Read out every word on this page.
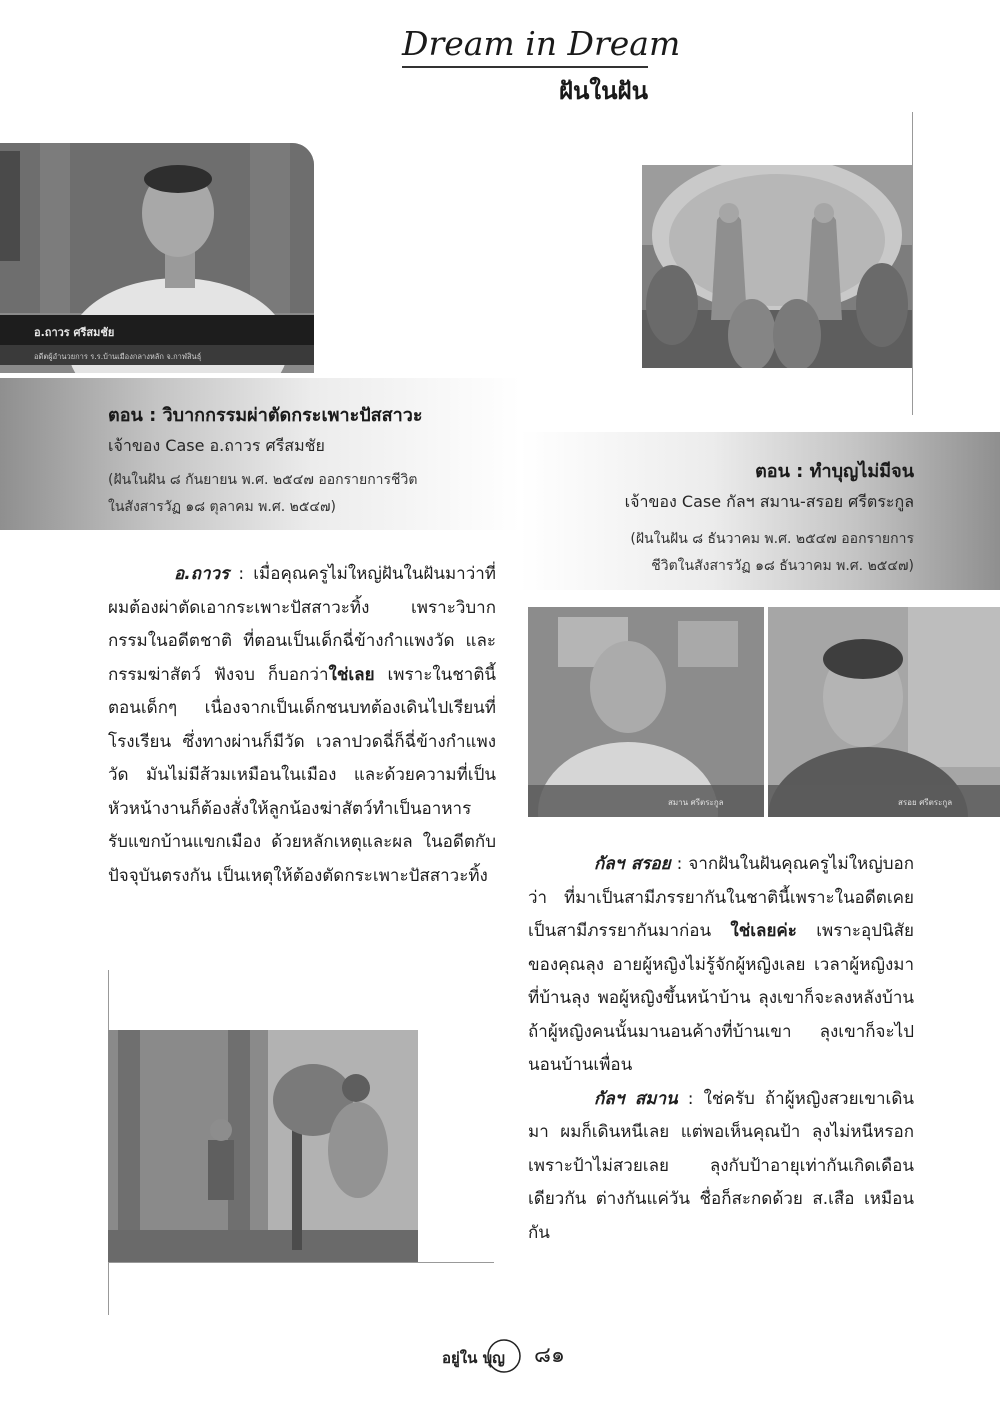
Dream in Dream
ฝันในฝัน
อ.ถาวร ศรีสมชัย
อดีตผู้อำนวยการ ร.ร.บ้านเมืองกลางหลัก จ.กาฬสินธุ์
ตอน : วิบากกรรมผ่าตัดกระเพาะปัสสาวะ
เจ้าของ Case อ.ถาวร ศรีสมชัย
(ฝันในฝัน ๘ กันยายน พ.ศ. ๒๕๔๗ ออกรายการชีวิต
ในสังสารวัฏ ๑๘ ตุลาคม พ.ศ. ๒๕๔๗)
ตอน : ทำบุญไม่มีจน
เจ้าของ Case กัลฯ สมาน-สรอย ศรีตระกูล
(ฝันในฝัน ๘ ธันวาคม พ.ศ. ๒๕๔๗ ออกรายการ
ชีวิตในสังสารวัฏ ๑๘ ธันวาคม พ.ศ. ๒๕๔๗)
อ.ถาวร : เมื่อคุณครูไม่ใหญ่ฝันในฝันมาว่าที่ผมต้องผ่าตัดเอากระเพาะปัสสาวะทิ้ง เพราะวิบากกรรมในอดีตชาติ ที่ตอนเป็นเด็กฉี่ข้างกำแพงวัด และกรรมฆ่าสัตว์ ฟังจบ ก็บอกว่าใช่เลย เพราะในชาตินี้ตอนเด็กๆ เนื่องจากเป็นเด็กชนบทต้องเดินไปเรียนที่โรงเรียน ซึ่งทางผ่านก็มีวัด เวลาปวดฉี่ก็ฉี่ข้างกำแพงวัด มันไม่มีส้วมเหมือนในเมือง และด้วยความที่เป็นหัวหน้างานก็ต้องสั่งให้ลูกน้องฆ่าสัตว์ทำเป็นอาหาร รับแขกบ้านแขกเมือง ด้วยหลักเหตุและผล ในอดีตกับปัจจุบันตรงกัน เป็นเหตุให้ต้องตัดกระเพาะปัสสาวะทิ้ง
สมาน ศรีตระกูล	สรอย ศรีตระกูล

กัลฯ สรอย : จากฝันในฝันคุณครูไม่ใหญ่บอกว่า ที่มาเป็นสามีภรรยากันในชาตินี้เพราะในอดีตเคยเป็นสามีภรรยากันมาก่อน ใช่เลยค่ะ เพราะอุปนิสัยของคุณลุง อายผู้หญิงไม่รู้จักผู้หญิงเลย เวลาผู้หญิงมาที่บ้านลุง พอผู้หญิงขึ้นหน้าบ้าน ลุงเขาก็จะลงหลังบ้าน ถ้าผู้หญิงคนนั้นมานอนค้างที่บ้านเขา ลุงเขาก็จะไปนอนบ้านเพื่อน

กัลฯ สมาน : ใช่ครับ ถ้าผู้หญิงสวยเขาเดินมา ผมก็เดินหนีเลย แต่พอเห็นคุณป้า ลุงไม่หนีหรอก เพราะป้าไม่สวยเลย ลุงกับป้าอายุเท่ากันเกิดเดือนเดียวกัน ต่างกันแค่วัน ชื่อก็สะกดด้วย ส.เสือ เหมือนกัน

อยู่ใน บุญ ๘๑
